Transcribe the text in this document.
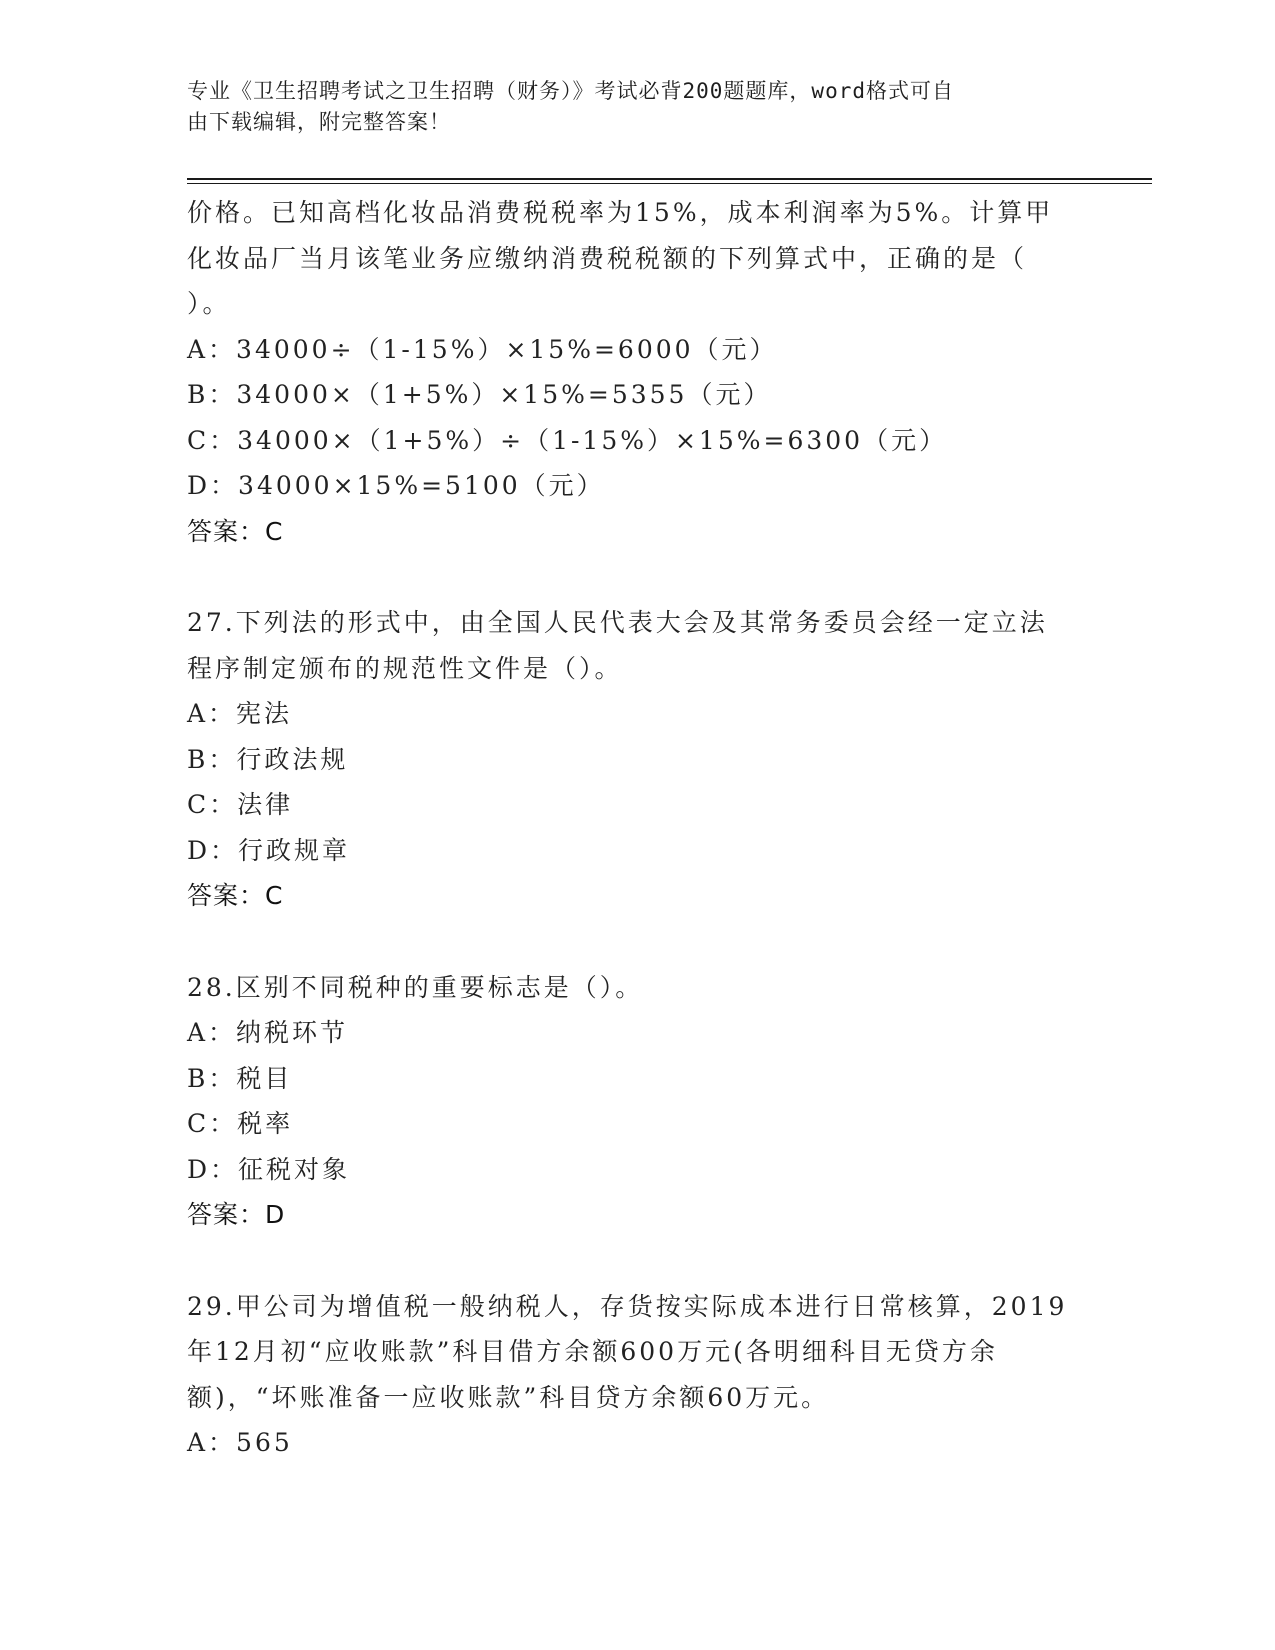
专业《卫生招聘考试之卫生招聘（财务）》考试必背200题题库，word格式可自
由下载编辑，附完整答案！
价格。已知高档化妆品消费税税率为15%，成本利润率为5%。计算甲
化妆品厂当月该笔业务应缴纳消费税税额的下列算式中，正确的是（
）。
A：34000÷（1-15%）×15%=6000（元）
B：34000×（1+5%）×15%=5355（元）
C：34000×（1+5%）÷（1-15%）×15%=6300（元）
D：34000×15%=5100（元）
答案：C
27.下列法的形式中，由全国人民代表大会及其常务委员会经一定立法
程序制定颁布的规范性文件是（）。
A：宪法
B：行政法规
C：法律
D：行政规章
答案：C
28.区别不同税种的重要标志是（）。
A：纳税环节
B：税目
C：税率
D：征税对象
答案：D
29.甲公司为增值税一般纳税人，存货按实际成本进行日常核算，2019
年12月初“应收账款”科目借方余额600万元(各明细科目无贷方余
额)，“坏账准备一应收账款”科目贷方余额60万元。
A：565
